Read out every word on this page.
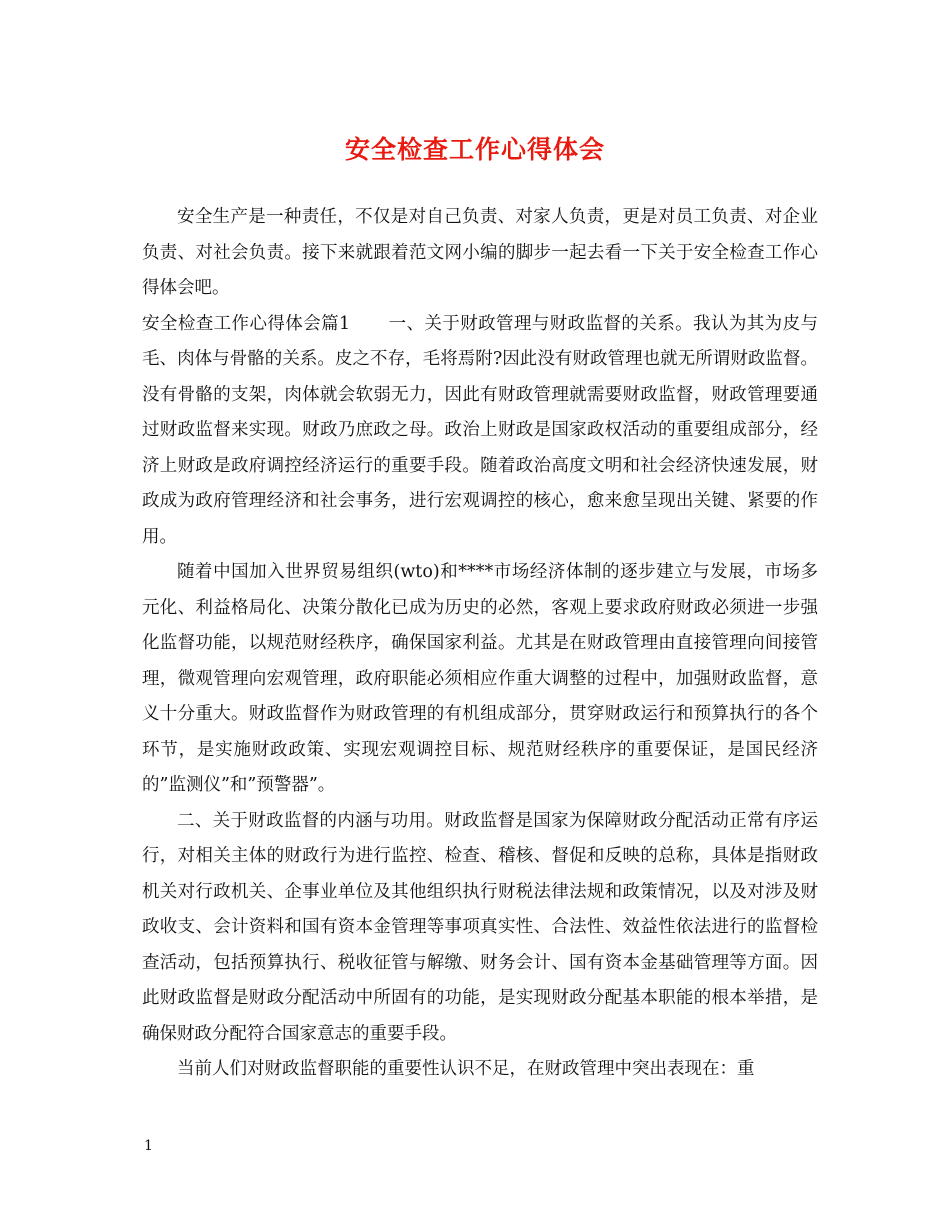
安全检查工作心得体会

安全生产是一种责任，不仅是对自己负责、对家人负责，更是对员工负责、对企业负责、对社会负责。接下来就跟着范文网小编的脚步一起去看一下关于安全检查工作心得体会吧。

安全检查工作心得体会篇1 一、关于财政管理与财政监督的关系。我认为其为皮与毛、肉体与骨骼的关系。皮之不存，毛将焉附?因此没有财政管理也就无所谓财政监督。没有骨骼的支架，肉体就会软弱无力，因此有财政管理就需要财政监督，财政管理要通过财政监督来实现。财政乃庶政之母。政治上财政是国家政权活动的重要组成部分，经济上财政是政府调控经济运行的重要手段。随着政治高度文明和社会经济快速发展，财政成为政府管理经济和社会事务，进行宏观调控的核心，愈来愈呈现出关键、紧要的作用。

随着中国加入世界贸易组织(wto)和****市场经济体制的逐步建立与发展，市场多元化、利益格局化、决策分散化已成为历史的必然，客观上要求政府财政必须进一步强化监督功能，以规范财经秩序，确保国家利益。尤其是在财政管理由直接管理向间接管理，微观管理向宏观管理，政府职能必须相应作重大调整的过程中，加强财政监督，意义十分重大。财政监督作为财政管理的有机组成部分，贯穿财政运行和预算执行的各个环节，是实施财政政策、实现宏观调控目标、规范财经秩序的重要保证，是国民经济的”监测仪”和”预警器”。

二、关于财政监督的内涵与功用。财政监督是国家为保障财政分配活动正常有序运行，对相关主体的财政行为进行监控、检查、稽核、督促和反映的总称，具体是指财政机关对行政机关、企事业单位及其他组织执行财税法律法规和政策情况，以及对涉及财政收支、会计资料和国有资本金管理等事项真实性、合法性、效益性依法进行的监督检查活动，包括预算执行、税收征管与解缴、财务会计、国有资本金基础管理等方面。因此财政监督是财政分配活动中所固有的功能，是实现财政分配基本职能的根本举措，是确保财政分配符合国家意志的重要手段。

当前人们对财政监督职能的重要性认识不足，在财政管理中突出表现在：重

1
